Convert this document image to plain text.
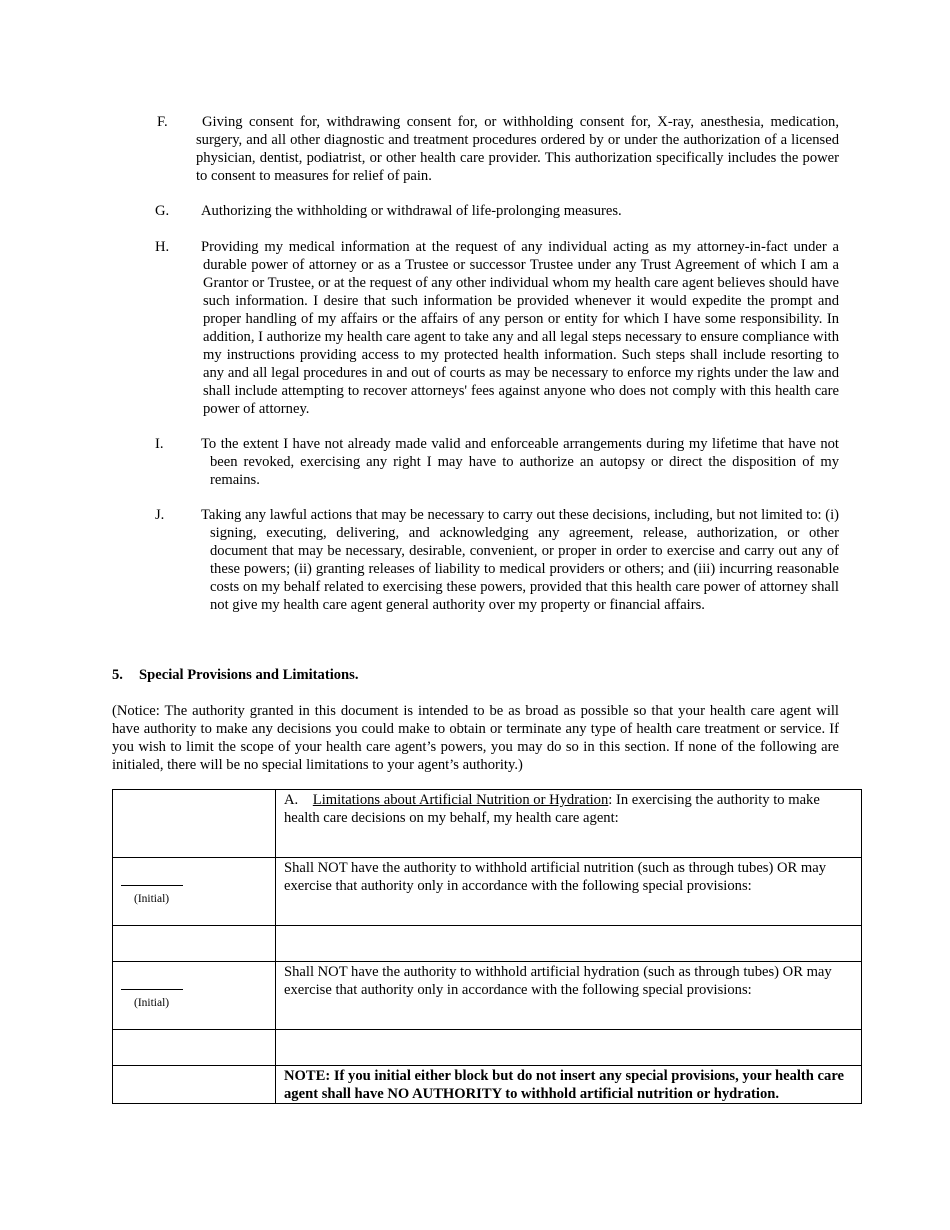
F.	Giving consent for, withdrawing consent for, or withholding consent for, X-ray, anesthesia, medication, surgery, and all other diagnostic and treatment procedures ordered by or under the authorization of a licensed physician, dentist, podiatrist, or other health care provider. This authorization specifically includes the power to consent to measures for relief of pain.
G.	Authorizing the withholding or withdrawal of life-prolonging measures.
H.	Providing my medical information at the request of any individual acting as my attorney-in-fact under a durable power of attorney or as a Trustee or successor Trustee under any Trust Agreement of which I am a Grantor or Trustee, or at the request of any other individual whom my health care agent believes should have such information. I desire that such information be provided whenever it would expedite the prompt and proper handling of my affairs or the affairs of any person or entity for which I have some responsibility. In addition, I authorize my health care agent to take any and all legal steps necessary to ensure compliance with my instructions providing access to my protected health information. Such steps shall include resorting to any and all legal procedures in and out of courts as may be necessary to enforce my rights under the law and shall include attempting to recover attorneys' fees against anyone who does not comply with this health care power of attorney.
I.	To the extent I have not already made valid and enforceable arrangements during my lifetime that have not been revoked, exercising any right I may have to authorize an autopsy or direct the disposition of my remains.
J.	Taking any lawful actions that may be necessary to carry out these decisions, including, but not limited to: (i) signing, executing, delivering, and acknowledging any agreement, release, authorization, or other document that may be necessary, desirable, convenient, or proper in order to exercise and carry out any of these powers; (ii) granting releases of liability to medical providers or others; and (iii) incurring reasonable costs on my behalf related to exercising these powers, provided that this health care power of attorney shall not give my health care agent general authority over my property or financial affairs.
5. Special Provisions and Limitations.
(Notice: The authority granted in this document is intended to be as broad as possible so that your health care agent will have authority to make any decisions you could make to obtain or terminate any type of health care treatment or service. If you wish to limit the scope of your health care agent’s powers, you may do so in this section. If none of the following are initialed, there will be no special limitations to your agent’s authority.)
	A. Limitations about Artificial Nutrition or Hydration: In exercising the authority to make health care decisions on my behalf, my health care agent:

(Initial)	Shall NOT have the authority to withhold artificial nutrition (such as through tubes) OR may exercise that authority only in accordance with the following special provisions:

(Initial)	Shall NOT have the authority to withhold artificial hydration (such as through tubes) OR may exercise that authority only in accordance with the following special provisions:

	NOTE: If you initial either block but do not insert any special provisions, your health care agent shall have NO AUTHORITY to withhold artificial nutrition or hydration.
